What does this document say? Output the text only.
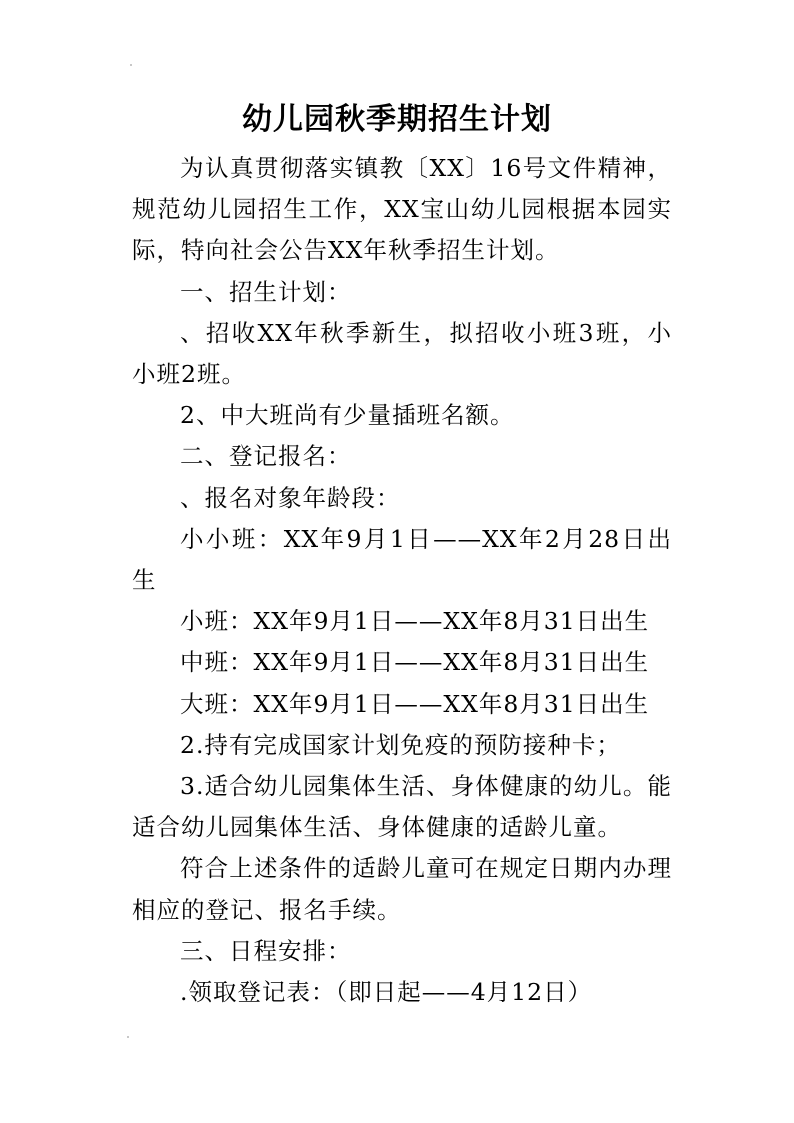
幼儿园秋季期招生计划

为认真贯彻落实镇教〔XX〕16号文件精神，规范幼儿园招生工作，XX宝山幼儿园根据本园实际，特向社会公告XX年秋季招生计划。

一、招生计划：

、招收XX年秋季新生，拟招收小班3班，小小班2班。

2、中大班尚有少量插班名额。

二、登记报名：

、报名对象年龄段：

小小班：XX年9月1日——XX年2月28日出生

小班：XX年9月1日——XX年8月31日出生

中班：XX年9月1日——XX年8月31日出生

大班：XX年9月1日——XX年8月31日出生

2.持有完成国家计划免疫的预防接种卡；

3.适合幼儿园集体生活、身体健康的幼儿。能适合幼儿园集体生活、身体健康的适龄儿童。

符合上述条件的适龄儿童可在规定日期内办理相应的登记、报名手续。

三、日程安排：

.领取登记表：（即日起——4月12日）
